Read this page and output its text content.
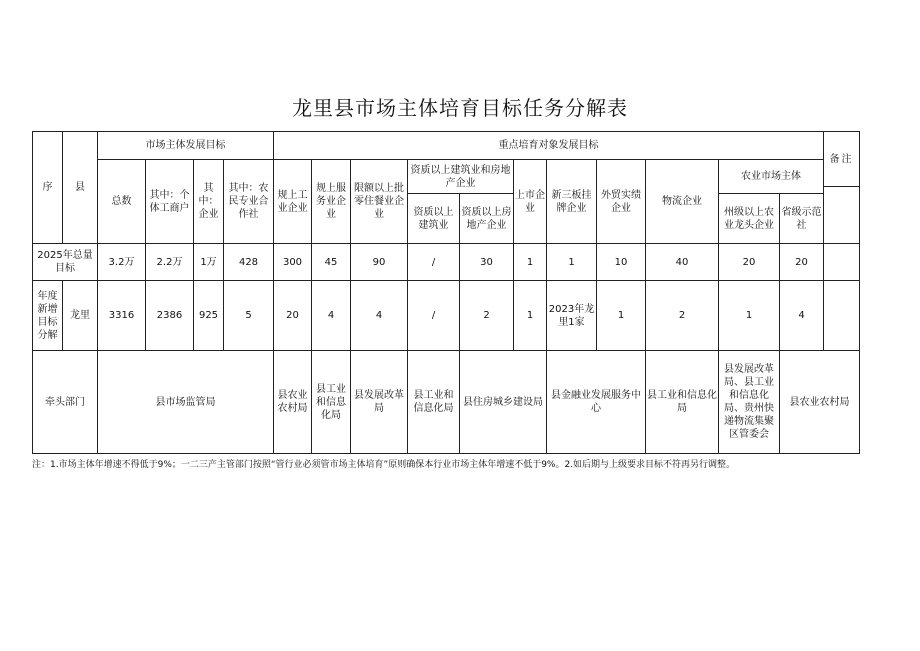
龙里县市场主体培育目标任务分解表
序	县	市场主体发展目标				重点培育对象发展目标											备注	
		总数	其中：个体工商户	其中：企业	其中：农民专业合作社	规上工业企业	规上服务业企业	限额以上批零住餐业企业	资质以上建筑业和房地产企业		上市企业	新三板挂牌企业	外贸实绩企业	物流企业	农业市场主体			

									资质以上建筑业	资质以上房地产企业					州级以上农业龙头企业	省级示范社		
2025年总量目标		3.2万	2.2万	1万	428	300	45	90	/	30	1	1	10	40	20	20		
年度新增目标分解	龙里	3316	2386	925	5	20	4	4	/	2	1	2023年龙里1家	1	2	1	4		
牵头部门		县市场监管局				县农业农村局	县工业和信息化局	县发展改革局	县工业和信息化局	县住房城乡建设局		县金融业发展服务中心		县工业和信息化局	县发展改革局、县工业和信息化局、贵州快递物流集聚区管委会	县农业农村局		
注：1.市场主体年增速不得低于9%；一二三产主管部门按照“管行业必须管市场主体培育”原则确保本行业市场主体年增速不低于9%。2.如后期与上级要求目标不符再另行调整。
